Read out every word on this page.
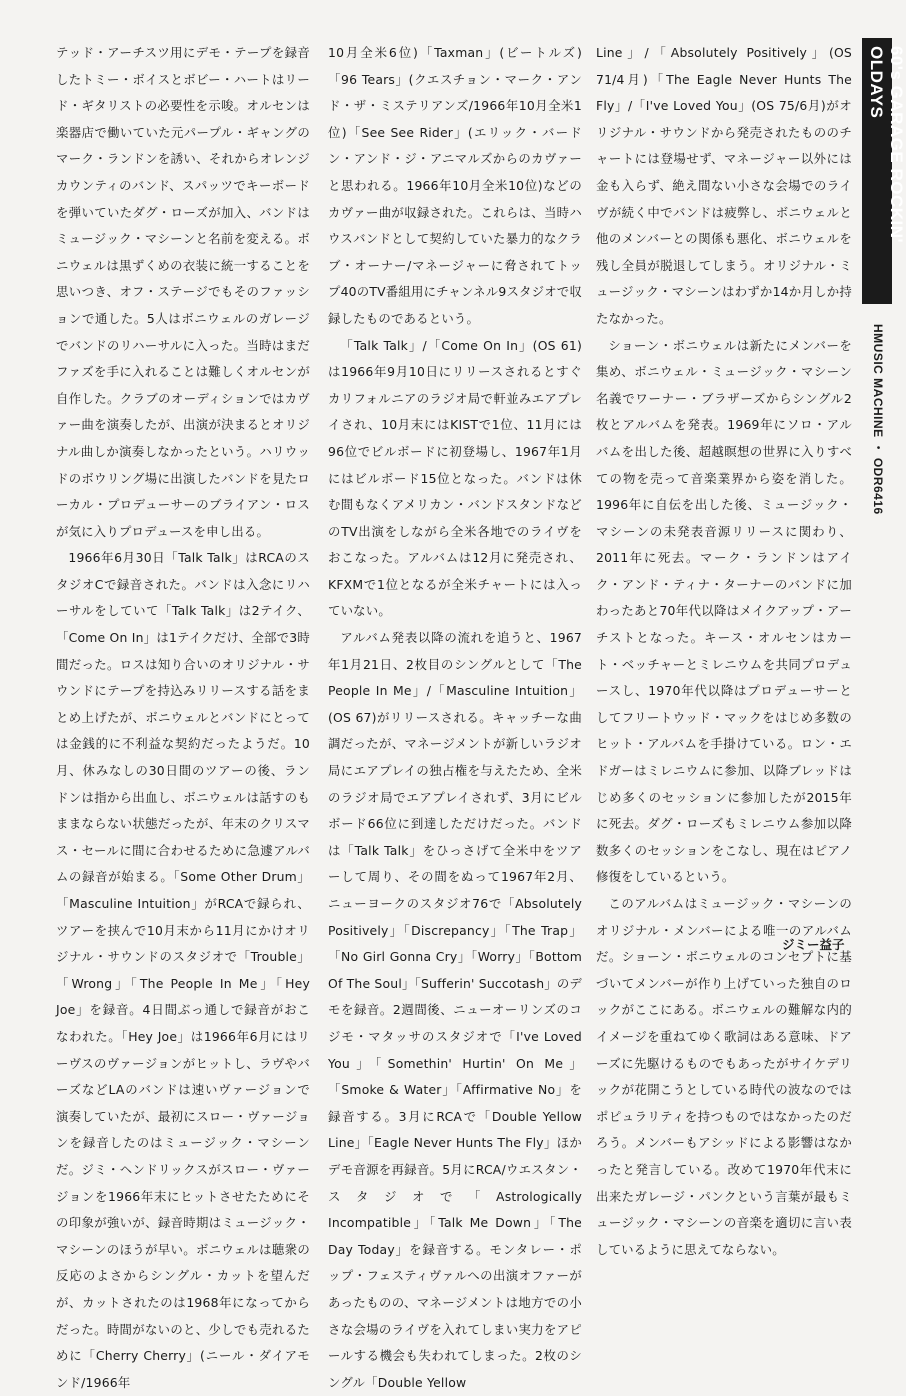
テッド・アーチスツ用にデモ・テープを録音したトミー・ボイスとボビー・ハートはリード・ギタリストの必要性を示唆。オルセンは楽器店で働いていた元パープル・ギャングのマーク・ランドンを誘い、それからオレンジカウンティのバンド、スパッツでキーボードを弾いていたダグ・ローズが加入、バンドはミュージック・マシーンと名前を変える。ボニウェルは黒ずくめの衣装に統一することを思いつき、オフ・ステージでもそのファッションで通した。5人はボニウェルのガレージでバンドのリハーサルに入った。当時はまだファズを手に入れることは難しくオルセンが自作した。クラブのオーディションではカヴァー曲を演奏したが、出演が決まるとオリジナル曲しか演奏しなかったという。ハリウッドのボウリング場に出演したバンドを見たローカル・プロデューサーのブライアン・ロスが気に入りプロデュースを申し出る。

1966年6月30日「Talk Talk」はRCAのスタジオCで録音された。バンドは入念にリハーサルをしていて「Talk Talk」は2テイク、「Come On In」は1テイクだけ、全部で3時間だった。ロスは知り合いのオリジナル・サウンドにテープを持込みリリースする話をまとめ上げたが、ボニウェルとバンドにとっては金銭的に不利益な契約だったようだ。10月、休みなしの30日間のツアーの後、ランドンは指から出血し、ボニウェルは話すのもままならない状態だったが、年末のクリスマス・セールに間に合わせるために急遽アルバムの録音が始まる。「Some Other Drum」「Masculine Intuition」がRCAで録られ、ツアーを挟んで10月末から11月にかけオリジナル・サウンドのスタジオで「Trouble」「Wrong」「The People In Me」「Hey Joe」を録音。4日間ぶっ通しで録音がおこなわれた。「Hey Joe」は1966年6月にはリーヴスのヴァージョンがヒットし、ラヴやバーズなどLAのバンドは速いヴァージョンで演奏していたが、最初にスロー・ヴァージョンを録音したのはミュージック・マシーンだ。ジミ・ヘンドリックスがスロー・ヴァージョンを1966年末にヒットさせたためにその印象が強いが、録音時期はミュージック・マシーンのほうが早い。ボニウェルは聴衆の反応のよさからシングル・カットを望んだが、カットされたのは1968年になってからだった。時間がないのと、少しでも売れるために「Cherry Cherry」(ニール・ダイアモンド/1966年

10月全米6位)「Taxman」(ビートルズ)「96 Tears」(クエスチョン・マーク・アンド・ザ・ミステリアンズ/1966年10月全米1位)「See See Rider」(エリック・バードン・アンド・ジ・アニマルズからのカヴァーと思われる。1966年10月全米10位)などのカヴァー曲が収録された。これらは、当時ハウスバンドとして契約していた暴力的なクラブ・オーナー/マネージャーに脅されてトップ40のTV番組用にチャンネル9スタジオで収録したものであるという。

「Talk Talk」/「Come On In」(OS 61)は1966年9月10日にリリースされるとすぐカリフォルニアのラジオ局で軒並みエアプレイされ、10月末にはKISTで1位、11月には96位でビルボードに初登場し、1967年1月にはビルボード15位となった。バンドは休む間もなくアメリカン・バンドスタンドなどのTV出演をしながら全米各地でのライヴをおこなった。アルバムは12月に発売され、KFXMで1位となるが全米チャートには入っていない。

アルバム発表以降の流れを追うと、1967年1月21日、2枚目のシングルとして「The People In Me」/「Masculine Intuition」(OS 67)がリリースされる。キャッチーな曲調だったが、マネージメントが新しいラジオ局にエアプレイの独占権を与えたため、全米のラジオ局でエアプレイされず、3月にビルボード66位に到達しただけだった。バンドは「Talk Talk」をひっさげて全米中をツアーして周り、その間をぬって1967年2月、ニューヨークのスタジオ76で「Absolutely Positively」「Discrepancy」「The Trap」「No Girl Gonna Cry」「Worry」「Bottom Of The Soul」「Sufferin' Succotash」のデモを録音。2週間後、ニューオーリンズのコジモ・マタッサのスタジオで「I've Loved You」「Somethin' Hurtin' On Me」「Smoke & Water」「Affirmative No」を録音する。3月にRCAで「Double Yellow Line」「Eagle Never Hunts The Fly」ほかデモ音源を再録音。5月にRCA/ウエスタン・スタジオで「Astrologically Incompatible」「Talk Me Down」「The Day Today」を録音する。モンタレー・ポップ・フェスティヴァルへの出演オファーがあったものの、マネージメントは地方での小さな会場のライヴを入れてしまい実力をアピールする機会も失われてしまった。2枚のシングル「Double Yellow

Line」/「Absolutely Positively」(OS 71/4月)「The Eagle Never Hunts The Fly」/「I've Loved You」(OS 75/6月)がオリジナル・サウンドから発売されたもののチャートには登場せず、マネージャー以外には金も入らず、絶え間ない小さな会場でのライヴが続く中でバンドは疲弊し、ボニウェルと他のメンバーとの関係も悪化、ボニウェルを残し全員が脱退してしまう。オリジナル・ミュージック・マシーンはわずか14か月しか持たなかった。

ショーン・ボニウェルは新たにメンバーを集め、ボニウェル・ミュージック・マシーン名義でワーナー・ブラザーズからシングル2枚とアルバムを発表。1969年にソロ・アルバムを出した後、超越瞑想の世界に入りすべての物を売って音楽業界から姿を消した。1996年に自伝を出した後、ミュージック・マシーンの未発表音源リリースに関わり、2011年に死去。マーク・ランドンはアイク・アンド・ティナ・ターナーのバンドに加わったあと70年代以降はメイクアップ・アーチストとなった。キース・オルセンはカート・ベッチャーとミレニウムを共同プロデュースし、1970年代以降はプロデューサーとしてフリートウッド・マックをはじめ多数のヒット・アルバムを手掛けている。ロン・エドガーはミレニウムに参加、以降ブレッドはじめ多くのセッションに参加したが2015年に死去。ダグ・ローズもミレニウム参加以降数多くのセッションをこなし、現在はピアノ修復をしているという。

このアルバムはミュージック・マシーンのオリジナル・メンバーによる唯一のアルバムだ。ショーン・ボニウェルのコンセプトに基づいてメンバーが作り上げていった独自のロックがここにある。ボニウェルの難解な内的イメージを重ねてゆく歌詞はある意味、ドアーズに先駆けるものでもあったがサイケデリックが花開こうとしている時代の波なのではポピュラリティを持つものではなかったのだろう。メンバーもアシッドによる影響はなかったと発言している。改めて1970年代末に出来たガレージ・パンクという言葉が最もミュージック・マシーンの音楽を適切に言い表しているように思えてならない。

ジミー益子
60's GARAGE ROCKIN' OLDAYS
HMUSIC MACHINE ・ ODR6416
